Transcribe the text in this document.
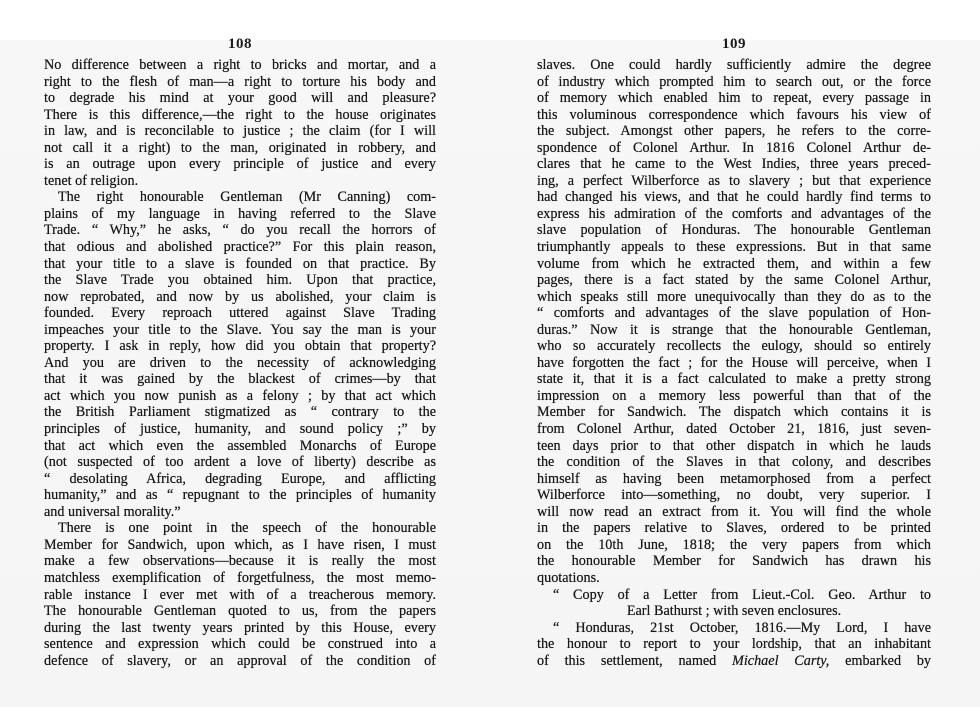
108
No difference between a right to bricks and mortar, and a
right to the flesh of man—a right to torture his body and
to degrade his mind at your good will and pleasure?
There is this difference,—the right to the house originates
in law, and is reconcilable to justice ; the claim (for I will
not call it a right) to the man, originated in robbery, and
is an outrage upon every principle of justice and every
tenet of religion.
The right honourable Gentleman (Mr Canning) com-
plains of my language in having referred to the Slave
Trade. “ Why,” he asks, “ do you recall the horrors of
that odious and abolished practice?” For this plain reason,
that your title to a slave is founded on that practice. By
the Slave Trade you obtained him. Upon that practice,
now reprobated, and now by us abolished, your claim is
founded. Every reproach uttered against Slave Trading
impeaches your title to the Slave. You say the man is your
property. I ask in reply, how did you obtain that property?
And you are driven to the necessity of acknowledging
that it was gained by the blackest of crimes—by that
act which you now punish as a felony ; by that act which
the British Parliament stigmatized as “ contrary to the
principles of justice, humanity, and sound policy ;” by
that act which even the assembled Monarchs of Europe
(not suspected of too ardent a love of liberty) describe as
“ desolating Africa, degrading Europe, and afflicting
humanity,” and as “ repugnant to the principles of humanity
and universal morality.”
There is one point in the speech of the honourable
Member for Sandwich, upon which, as I have risen, I must
make a few observations—because it is really the most
matchless exemplification of forgetfulness, the most memo-
rable instance I ever met with of a treacherous memory.
The honourable Gentleman quoted to us, from the papers
during the last twenty years printed by this House, every
sentence and expression which could be construed into a
defence of slavery, or an approval of the condition of
109
slaves. One could hardly sufficiently admire the degree
of industry which prompted him to search out, or the force
of memory which enabled him to repeat, every passage in
this voluminous correspondence which favours his view of
the subject. Amongst other papers, he refers to the corre-
spondence of Colonel Arthur. In 1816 Colonel Arthur de-
clares that he came to the West Indies, three years preced-
ing, a perfect Wilberforce as to slavery ; but that experience
had changed his views, and that he could hardly find terms to
express his admiration of the comforts and advantages of the
slave population of Honduras. The honourable Gentleman
triumphantly appeals to these expressions. But in that same
volume from which he extracted them, and within a few
pages, there is a fact stated by the same Colonel Arthur,
which speaks still more unequivocally than they do as to the
“ comforts and advantages of the slave population of Hon-
duras.” Now it is strange that the honourable Gentleman,
who so accurately recollects the eulogy, should so entirely
have forgotten the fact ; for the House will perceive, when I
state it, that it is a fact calculated to make a pretty strong
impression on a memory less powerful than that of the
Member for Sandwich. The dispatch which contains it is
from Colonel Arthur, dated October 21, 1816, just seven-
teen days prior to that other dispatch in which he lauds
the condition of the Slaves in that colony, and describes
himself as having been metamorphosed from a perfect
Wilberforce into—something, no doubt, very superior. I
will now read an extract from it. You will find the whole
in the papers relative to Slaves, ordered to be printed
on the 10th June, 1818; the very papers from which
the honourable Member for Sandwich has drawn his
quotations.
“ Copy of a Letter from Lieut.-Col. Geo. Arthur to
Earl Bathurst ; with seven enclosures.
“ Honduras, 21st October, 1816.—My Lord, I have
the honour to report to your lordship, that an inhabitant
of this settlement, named Michael Carty, embarked by
